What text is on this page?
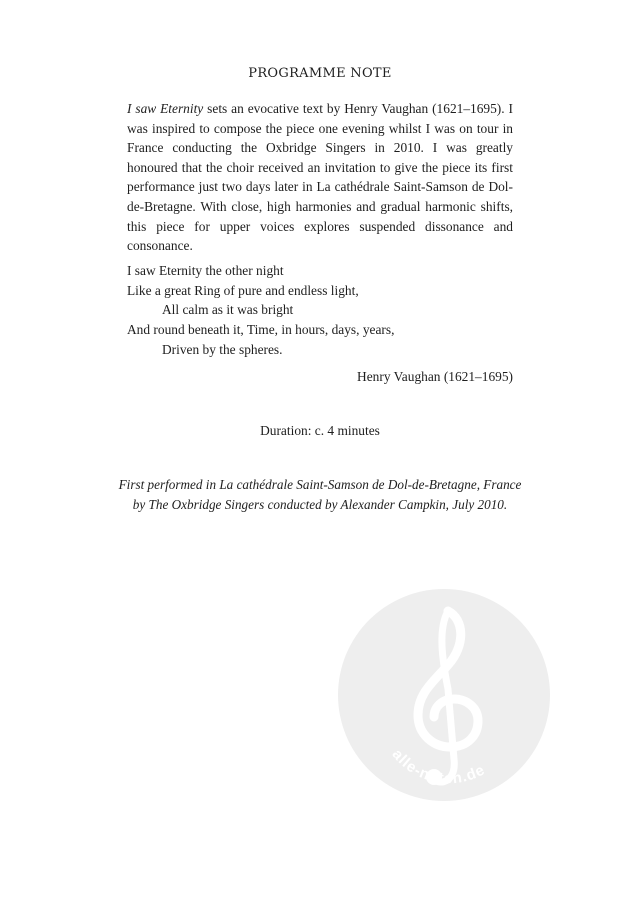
PROGRAMME NOTE
I saw Eternity sets an evocative text by Henry Vaughan (1621–1695). I was inspired to compose the piece one evening whilst I was on tour in France conducting the Oxbridge Singers in 2010. I was greatly honoured that the choir received an invitation to give the piece its first performance just two days later in La cathédrale Saint-Samson de Dol-de-Bretagne. With close, high harmonies and gradual harmonic shifts, this piece for upper voices explores suspended dissonance and consonance.
I saw Eternity the other night
Like a great Ring of pure and endless light,
All calm as it was bright
And round beneath it, Time, in hours, days, years,
Driven by the spheres.
Henry Vaughan (1621–1695)
Duration: c. 4 minutes
First performed in La cathédrale Saint-Samson de Dol-de-Bretagne, France
by The Oxbridge Singers conducted by Alexander Campkin, July 2010.
alle-noten.de
